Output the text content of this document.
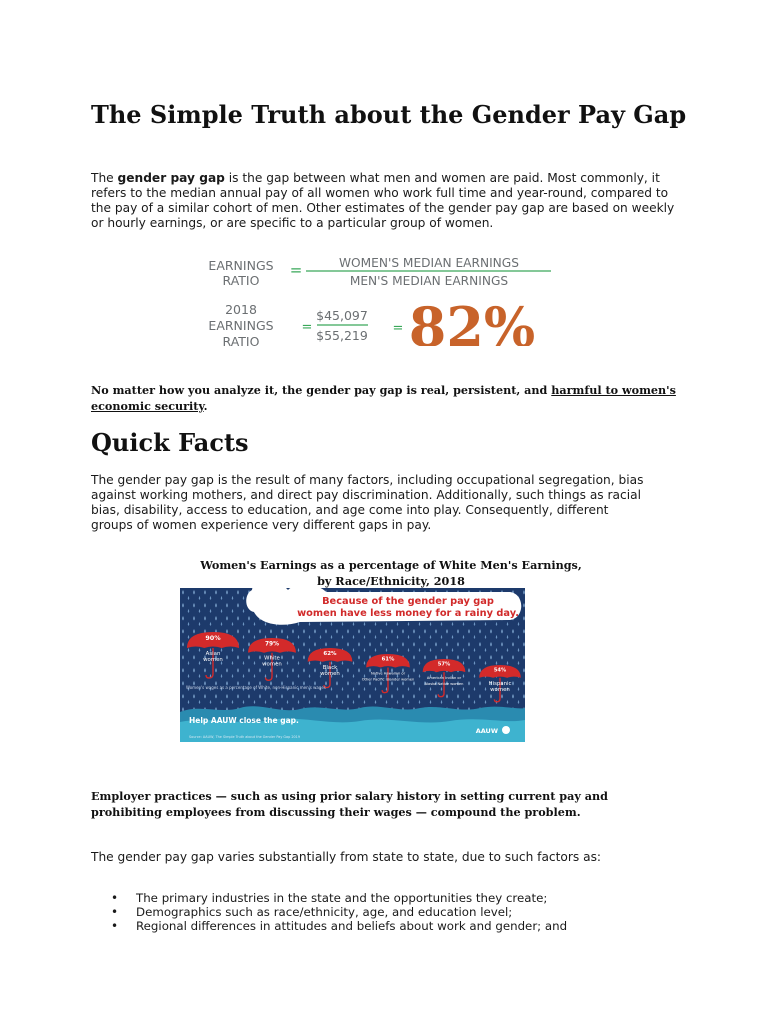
The Simple Truth about the Gender Pay Gap
The gender pay gap is the gap between what men and women are paid. Most commonly, it refers to the median annual pay of all women who work full time and year-round, compared to the pay of a similar cohort of men. Other estimates of the gender pay gap are based on weekly or hourly earnings, or are specific to a particular group of women.
EARNINGS
RATIO
=	WOMEN'S MEDIAN EARNINGS
MEN'S MEDIAN EARNINGS
2018
EARNINGS
RATIO
=
$45,097
$55,219 = 82%
No matter how you analyze it, the gender pay gap is real, persistent, and harmful to women's economic security.
Quick Facts
The gender pay gap is the result of many factors, including occupational segregation, bias against working mothers, and direct pay discrimination. Additionally, such things as racial bias, disability, access to education, and age come into play. Consequently, different groups of women experience very different gaps in pay.
Women's Earnings as a percentage of White Men's Earnings,
by Race/Ethnicity, 2018
Because of the gender pay gap
women have less money for a rainy day.
90%
Asian
women
79%
White
women
62%
Black
women
61%
Native Hawaiian or
Other Pacific Islander women
57%
American Indian or
Alaska Native women
54%
Hispanic
women
Women's wages as a percentage of White, non-Hispanic men's wages
Help AAUW close the gap.
AAUW
Source: AAUW, The Simple Truth about the Gender Pay Gap 2019
Employer practices — such as using prior salary history in setting current pay and prohibiting employees from discussing their wages — compound the problem.
The gender pay gap varies substantially from state to state, due to such factors as:
• The primary industries in the state and the opportunities they create;
• Demographics such as race/ethnicity, age, and education level;
• Regional differences in attitudes and beliefs about work and gender; and
